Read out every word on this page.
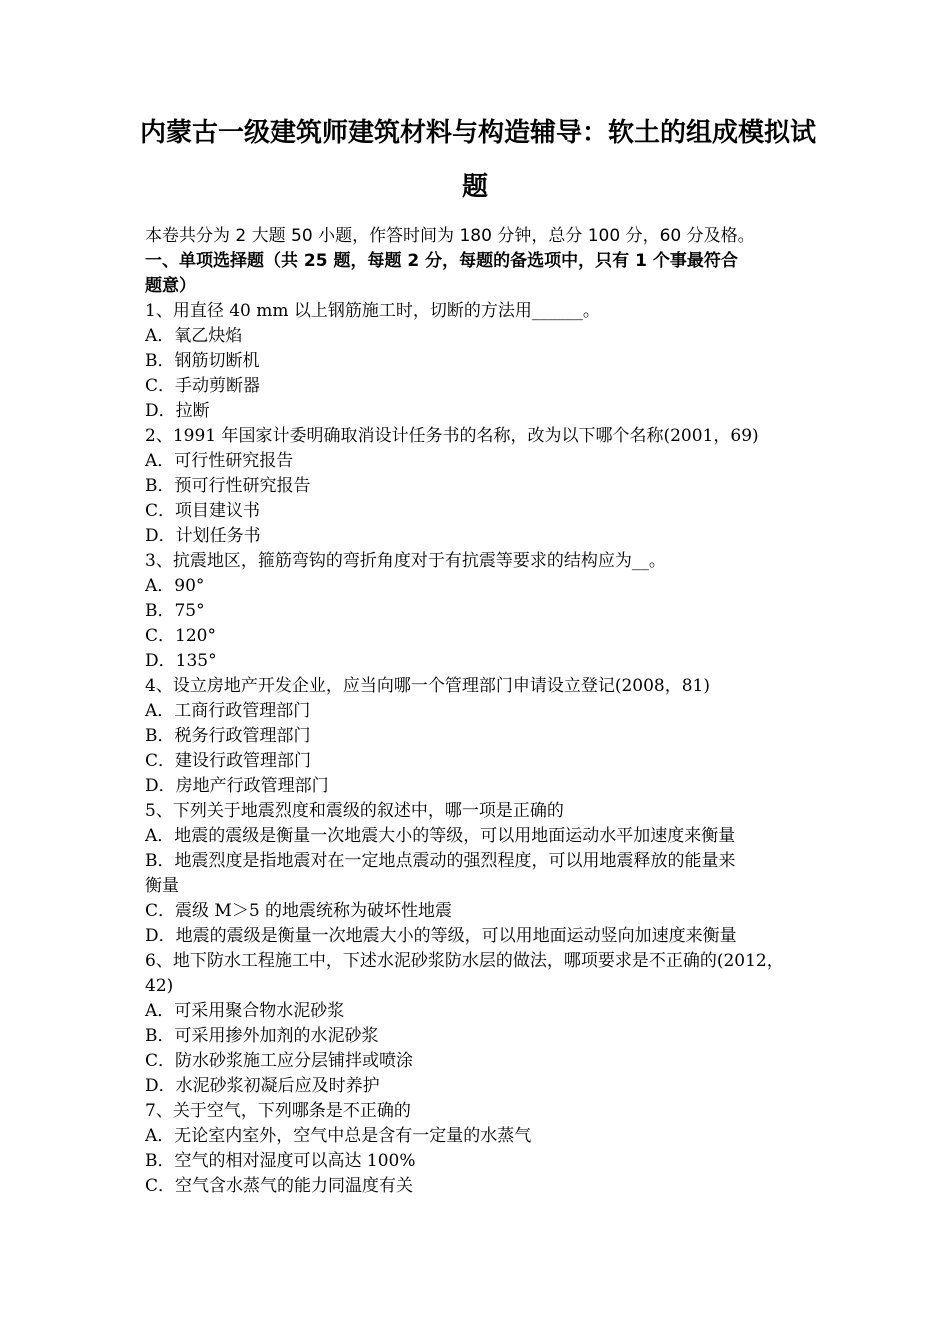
内蒙古一级建筑师建筑材料与构造辅导：软土的组成模拟试
题
本卷共分为 2 大题 50 小题，作答时间为 180 分钟，总分 100 分，60 分及格。
一、单项选择题（共 25 题，每题 2 分，每题的备选项中，只有 1 个事最符合
题意）
1、用直径 40 mm 以上钢筋施工时，切断的方法用______。
A．氧乙炔焰
B．钢筋切断机
C．手动剪断器
D．拉断
2、1991 年国家计委明确取消设计任务书的名称，改为以下哪个名称(2001，69)
A．可行性研究报告
B．预可行性研究报告
C．项目建议书
D．计划任务书
3、抗震地区，箍筋弯钩的弯折角度对于有抗震等要求的结构应为__。
A．90°
B．75°
C．120°
D．135°
4、设立房地产开发企业，应当向哪一个管理部门申请设立登记(2008，81)
A．工商行政管理部门
B．税务行政管理部门
C．建设行政管理部门
D．房地产行政管理部门
5、下列关于地震烈度和震级的叙述中，哪一项是正确的
A．地震的震级是衡量一次地震大小的等级，可以用地面运动水平加速度来衡量
B．地震烈度是指地震对在一定地点震动的强烈程度，可以用地震释放的能量来
衡量
C．震级 M＞5 的地震统称为破坏性地震
D．地震的震级是衡量一次地震大小的等级，可以用地面运动竖向加速度来衡量
6、地下防水工程施工中，下述水泥砂浆防水层的做法，哪项要求是不正确的(2012，
42)
A．可采用聚合物水泥砂浆
B．可采用掺外加剂的水泥砂浆
C．防水砂浆施工应分层铺拌或喷涂
D．水泥砂浆初凝后应及时养护
7、关于空气，下列哪条是不正确的
A．无论室内室外，空气中总是含有一定量的水蒸气
B．空气的相对湿度可以高达 100%
C．空气含水蒸气的能力同温度有关
